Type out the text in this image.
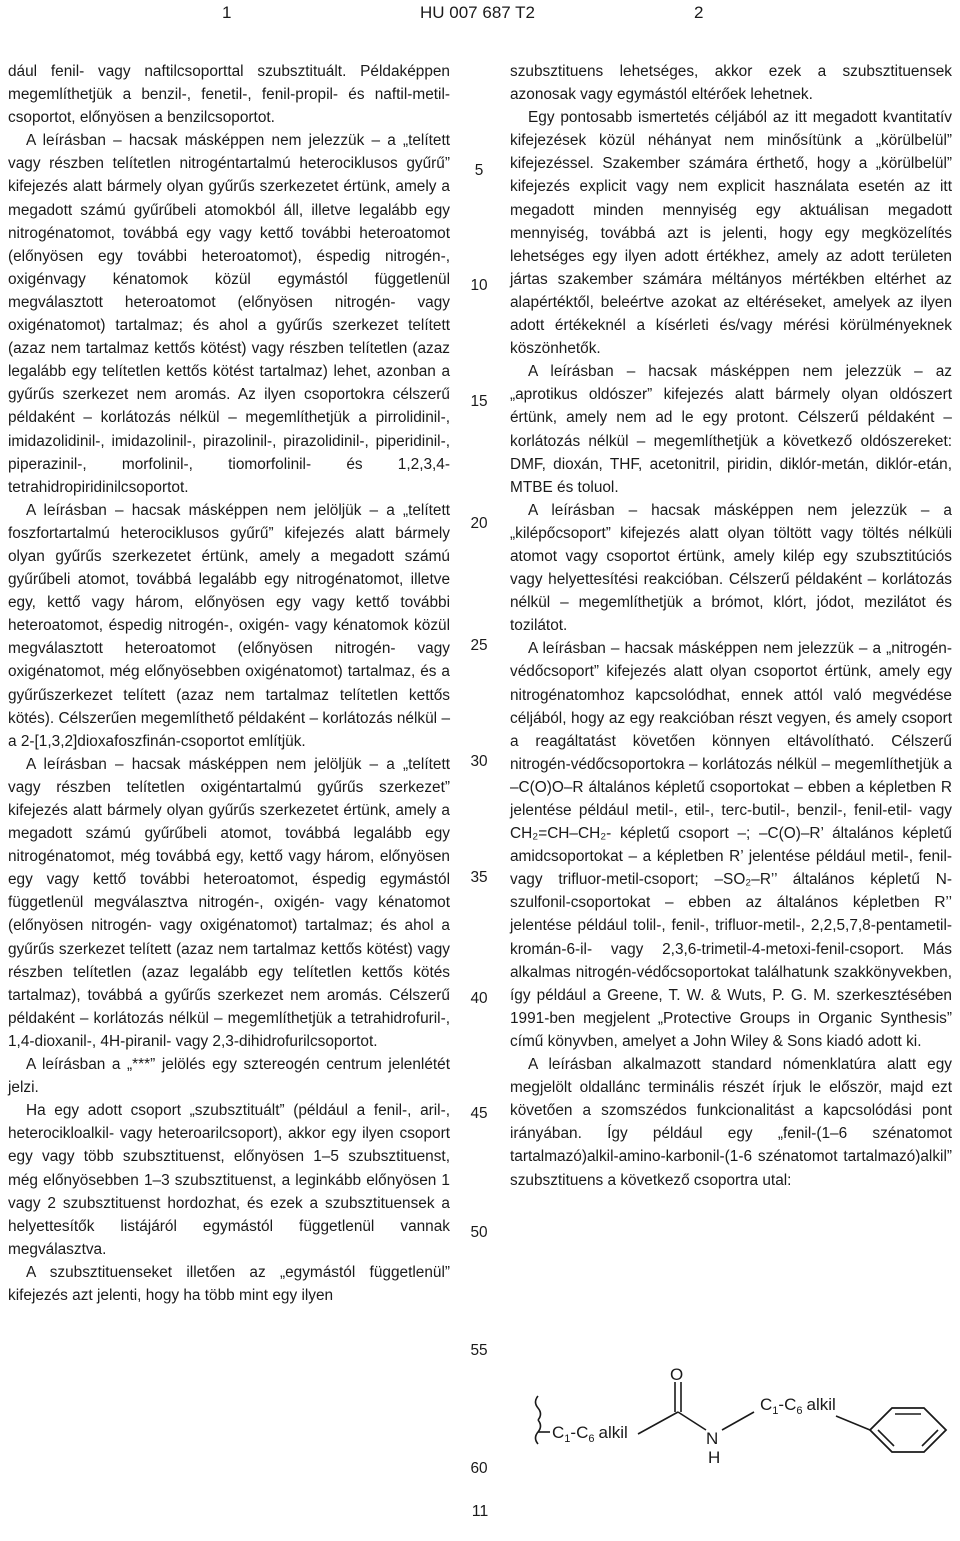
1	HU 007 687 T2	2

dául fenil- vagy naftilcsoporttal szubsztituált. Példaképpen megemlíthetjük a benzil-, fenetil-, fenil-propil- és naftil-metil-csoportot, előnyösen a benzilcsoportot.

A leírásban – hacsak másképpen nem jelezzük – a „telített vagy részben telítetlen nitrogéntartalmú heterociklusos gyűrű” kifejezés alatt bármely olyan gyűrűs szerkezetet értünk, amely a megadott számú gyűrűbeli atomokból áll, illetve legalább egy nitrogénatomot, továbbá egy vagy kettő további heteroatomot (előnyösen egy további heteroatomot), éspedig nitrogén-, oxigénvagy kénatomok közül egymástól függetlenül megválasztott heteroatomot (előnyösen nitrogén- vagy oxigénatomot) tartalmaz; és ahol a gyűrűs szerkezet telített (azaz nem tartalmaz kettős kötést) vagy részben telítetlen (azaz legalább egy telítetlen kettős kötést tartalmaz) lehet, azonban a gyűrűs szerkezet nem aromás. Az ilyen csoportokra célszerű példaként – korlátozás nélkül – megemlíthetjük a pirrolidinil-, imidazolidinil-, imidazolinil-, pirazolinil-, pirazolidinil-, piperidinil-, piperazinil-, morfolinil-, tiomorfolinil- és 1,2,3,4-tetrahidropiridinilcsoportot.

A leírásban – hacsak másképpen nem jelöljük – a „telített foszfortartalmú heterociklusos gyűrű” kifejezés alatt bármely olyan gyűrűs szerkezetet értünk, amely a megadott számú gyűrűbeli atomot, továbbá legalább egy nitrogénatomot, illetve egy, kettő vagy három, előnyösen egy vagy kettő további heteroatomot, éspedig nitrogén-, oxigén- vagy kénatomok közül megválasztott heteroatomot (előnyösen nitrogén- vagy oxigénatomot, még előnyösebben oxigénatomot) tartalmaz, és a gyűrűszerkezet telített (azaz nem tartalmaz telítetlen kettős kötés). Célszerűen megemlíthető példaként – korlátozás nélkül – a 2-[1,3,2]dioxafoszfinán-csoportot említjük.

A leírásban – hacsak másképpen nem jelöljük – a „telített vagy részben telítetlen oxigéntartalmú gyűrűs szerkezet” kifejezés alatt bármely olyan gyűrűs szerkezetet értünk, amely a megadott számú gyűrűbeli atomot, továbbá legalább egy nitrogénatomot, még továbbá egy, kettő vagy három, előnyösen egy vagy kettő további heteroatomot, éspedig egymástól függetlenül megválasztva nitrogén-, oxigén- vagy kénatomot (előnyösen nitrogén- vagy oxigénatomot) tartalmaz; és ahol a gyűrűs szerkezet telített (azaz nem tartalmaz kettős kötést) vagy részben telítetlen (azaz legalább egy telítetlen kettős kötés tartalmaz), továbbá a gyűrűs szerkezet nem aromás. Célszerű példaként – korlátozás nélkül – megemlíthetjük a tetrahidrofuril-, 1,4-dioxanil-, 4H-piranil- vagy 2,3-dihidrofurilcsoportot.

A leírásban a „***” jelölés egy sztereogén centrum jelenlétét jelzi.

Ha egy adott csoport „szubsztituált” (például a fenil-, aril-, heterocikloalkil- vagy heteroarilcsoport), akkor egy ilyen csoport egy vagy több szubsztituenst, előnyösen 1–5 szubsztituenst, még előnyösebben 1–3 szubsztituenst, a leginkább előnyösen 1 vagy 2 szubsztituenst hordozhat, és ezek a szubsztituensek a helyettesítők listájáról egymástól függetlenül vannak megválasztva.

A szubsztituenseket illetően az „egymástól függetlenül” kifejezés azt jelenti, hogy ha több mint egy ilyen

5
10
15
20
25
30
35
40
45
50
55
60

szubsztituens lehetséges, akkor ezek a szubsztituensek azonosak vagy egymástól eltérőek lehetnek.

Egy pontosabb ismertetés céljából az itt megadott kvantitatív kifejezések közül néhányat nem minősítünk a „körülbelül” kifejezéssel. Szakember számára érthető, hogy a „körülbelül” kifejezés explicit vagy nem explicit használata esetén az itt megadott minden mennyiség egy aktuálisan megadott mennyiség, továbbá azt is jelenti, hogy egy megközelítés lehetséges egy ilyen adott értékhez, amely az adott területen jártas szakember számára méltányos mértékben eltérhet az alapértéktől, beleértve azokat az eltéréseket, amelyek az ilyen adott értékeknél a kísérleti és/vagy mérési körülményeknek köszönhetők.

A leírásban – hacsak másképpen nem jelezzük – az „aprotikus oldószer” kifejezés alatt bármely olyan oldószert értünk, amely nem ad le egy protont. Célszerű példaként – korlátozás nélkül – megemlíthetjük a következő oldószereket: DMF, dioxán, THF, acetonitril, piridin, diklór-metán, diklór-etán, MTBE és toluol.

A leírásban – hacsak másképpen nem jelezzük – a „kilépőcsoport” kifejezés alatt olyan töltött vagy töltés nélküli atomot vagy csoportot értünk, amely kilép egy szubsztitúciós vagy helyettesítési reakcióban. Célszerű példaként – korlátozás nélkül – megemlíthetjük a brómot, klórt, jódot, mezilátot és tozilátot.

A leírásban – hacsak másképpen nem jelezzük – a „nitrogén-védőcsoport” kifejezés alatt olyan csoportot értünk, amely egy nitrogénatomhoz kapcsolódhat, ennek attól való megvédése céljából, hogy az egy reakcióban részt vegyen, és amely csoport a reagáltatást követően könnyen eltávolítható. Célszerű nitrogén-védőcsoportokra – korlátozás nélkül – megemlíthetjük a –C(O)O–R általános képletű csoportokat – ebben a képletben R jelentése például metil-, etil-, terc-butil-, benzil-, fenil-etil- vagy CH₂=CH–CH₂- képletű csoport –; –C(O)–R’ általános képletű amidcsoportokat – a képletben R’ jelentése például metil-, fenil- vagy trifluor-metil-csoport; –SO₂–R’’ általános képletű N-szulfonil-csoportokat – ebben az általános képletben R’’ jelentése például tolil-, fenil-, trifluor-metil-, 2,2,5,7,8-pentametil-kromán-6-il- vagy 2,3,6-trimetil-4-metoxi-fenil-csoport. Más alkalmas nitrogén-védőcsoportokat találhatunk szakkönyvekben, így például a Greene, T. W. & Wuts, P. G. M. szerkesztésében 1991-ben megjelent „Protective Groups in Organic Synthesis” című könyvben, amelyet a John Wiley & Sons kiadó adott ki.

A leírásban alkalmazott standard nómenklatúra alatt egy megjelölt oldallánc terminális részét írjuk le először, majd ezt követően a szomszédos funkcionalitást a kapcsolódási pont irányában. Így például egy „fenil-(1–6 szénatomot tartalmazó)alkil-amino-karbonil-(1-6 szénatomot tartalmazó)alkil” szubsztituens a következő csoportra utal:

$C_1-C_6$ alkil
O
N
H
$C_1-C_6$ alkil
11
